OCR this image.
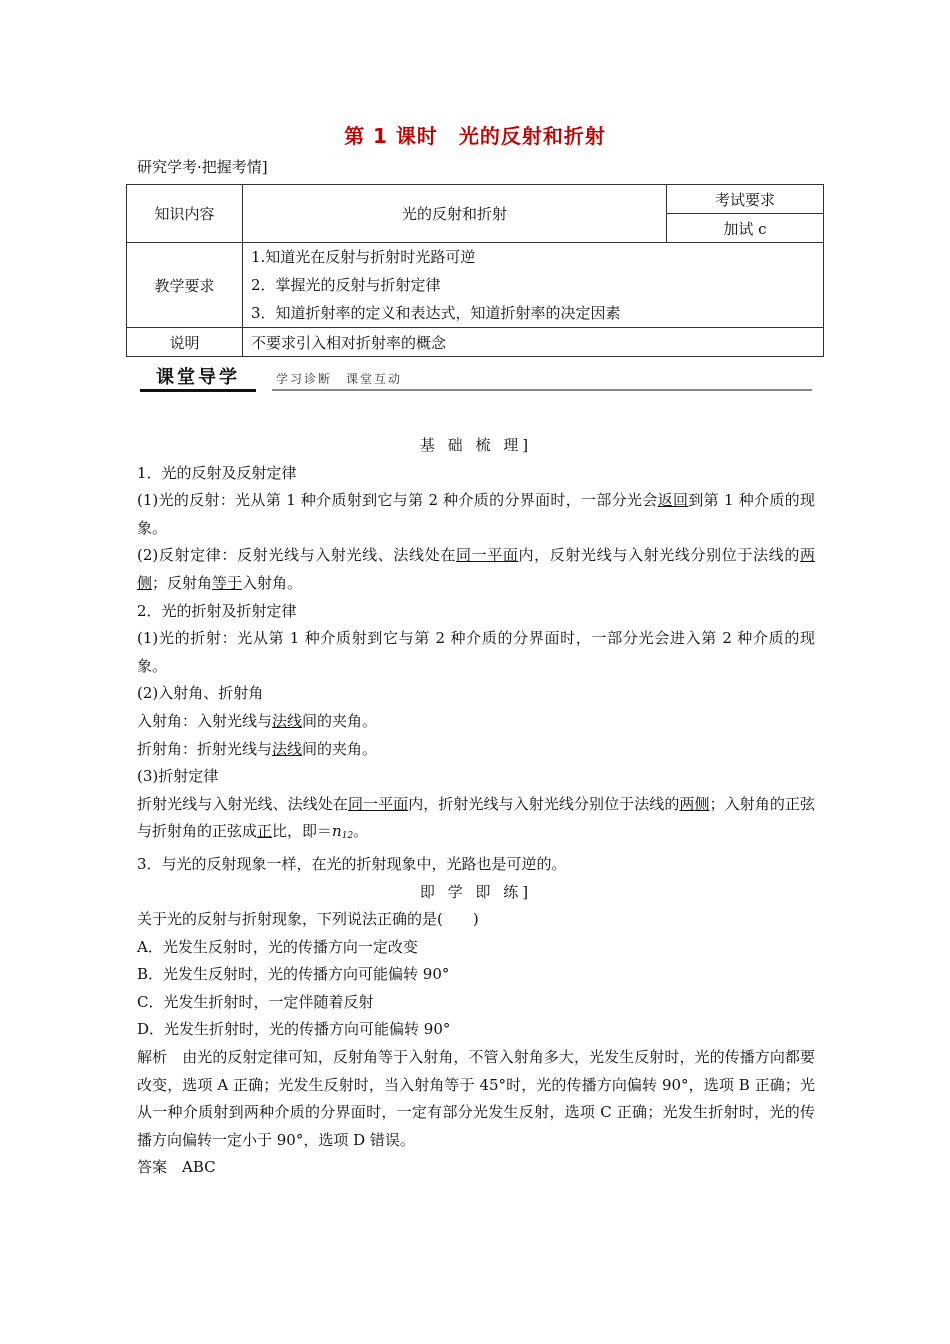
第 1 课时　光的反射和折射
研究学考·把握考情]
知识内容	光的反射和折射	考试要求
		加试 c
教学要求	1.知道光在反射与折射时光路可逆
2．掌握光的反射与折射定律
3．知道折射率的定义和表达式，知道折射率的决定因素	

说明	不要求引入相对折射率的概念	
课堂导学	学习诊断　课堂互动

基 础 梳 理]

1．光的反射及反射定律

(1)光的反射：光从第 1 种介质射到它与第 2 种介质的分界面时，一部分光会返回到第 1 种介质的现象。

(2)反射定律：反射光线与入射光线、法线处在同一平面内，反射光线与入射光线分别位于法线的两侧；反射角等于入射角。

2．光的折射及折射定律

(1)光的折射：光从第 1 种介质射到它与第 2 种介质的分界面时，一部分光会进入第 2 种介质的现象。

(2)入射角、折射角

入射角：入射光线与法线间的夹角。

折射角：折射光线与法线间的夹角。

(3)折射定律

折射光线与入射光线、法线处在同一平面内，折射光线与入射光线分别位于法线的两侧；入射角的正弦与折射角的正弦成正比，即$=n_{12}$。

3．与光的反射现象一样，在光的折射现象中，光路也是可逆的。

即 学 即 练]

关于光的反射与折射现象，下列说法正确的是(　　)

A．光发生反射时，光的传播方向一定改变

B．光发生反射时，光的传播方向可能偏转 90°

C．光发生折射时，一定伴随着反射

D．光发生折射时，光的传播方向可能偏转 90°

解析　由光的反射定律可知，反射角等于入射角，不管入射角多大，光发生反射时，光的传播方向都要改变，选项 A 正确；光发生反射时，当入射角等于 45°时，光的传播方向偏转 90°，选项 B 正确；光从一种介质射到两种介质的分界面时，一定有部分光发生反射，选项 C 正确；光发生折射时，光的传播方向偏转一定小于 90°，选项 D 错误。

答案　ABC
